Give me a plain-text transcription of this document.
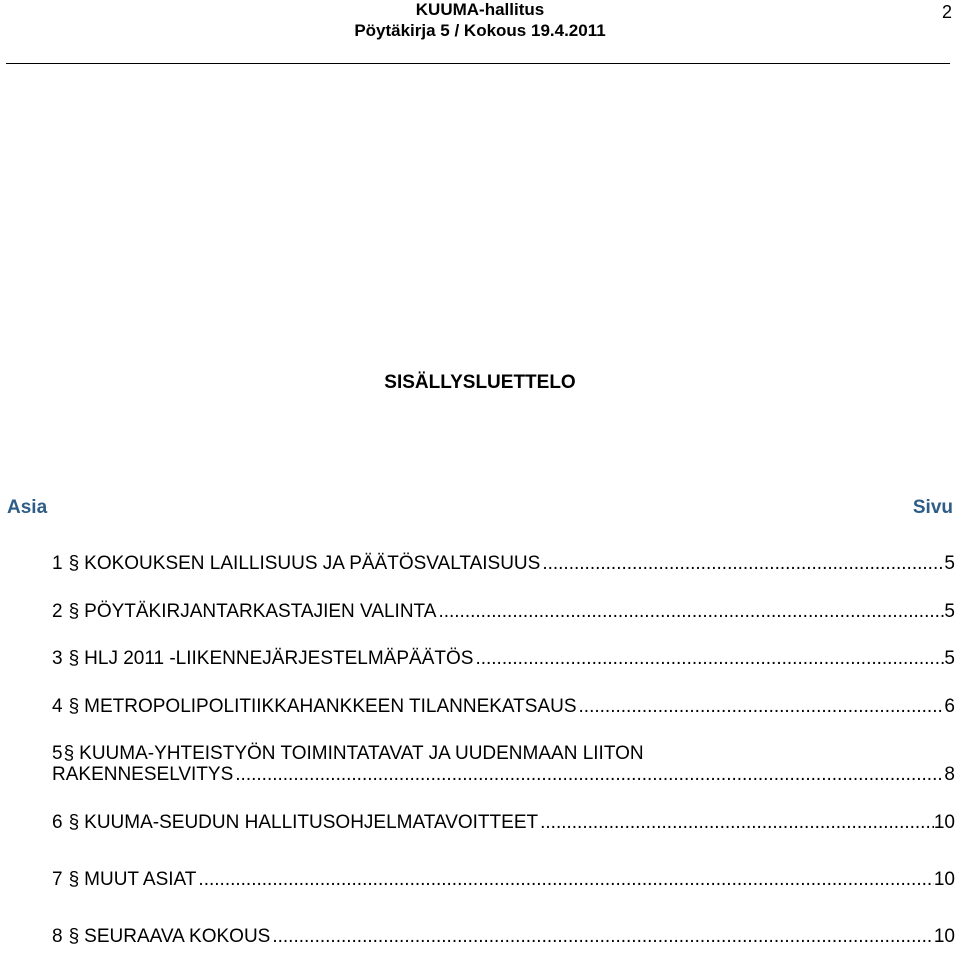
KUUMA-hallitus
Pöytäkirja 5 / Kokous 19.4.2011
2
SISÄLLYSLUETTELO
Asia	Sivu
1 § KOKOUKSEN LAILLISUUS JA PÄÄTÖSVALTAISUUS .....	5
2 § PÖYTÄKIRJANTARKASTAJIEN VALINTA .....	5
3 § HLJ 2011 -LIIKENNEJÄRJESTELMÄPÄÄTÖS .....	5
4 § METROPOLIPOLITIIKKAHANKKEEN TILANNEKATSAUS .....	6
5 § KUUMA-YHTEISTYÖN TOIMINTATAVAT JA UUDENMAAN LIITON
RAKENNESELVITYS .....	8
6 § KUUMA-SEUDUN HALLITUSOHJELMATAVOITTEET .....	10
7 § MUUT ASIAT .....	10
8 § SEURAAVA KOKOUS .....	10
